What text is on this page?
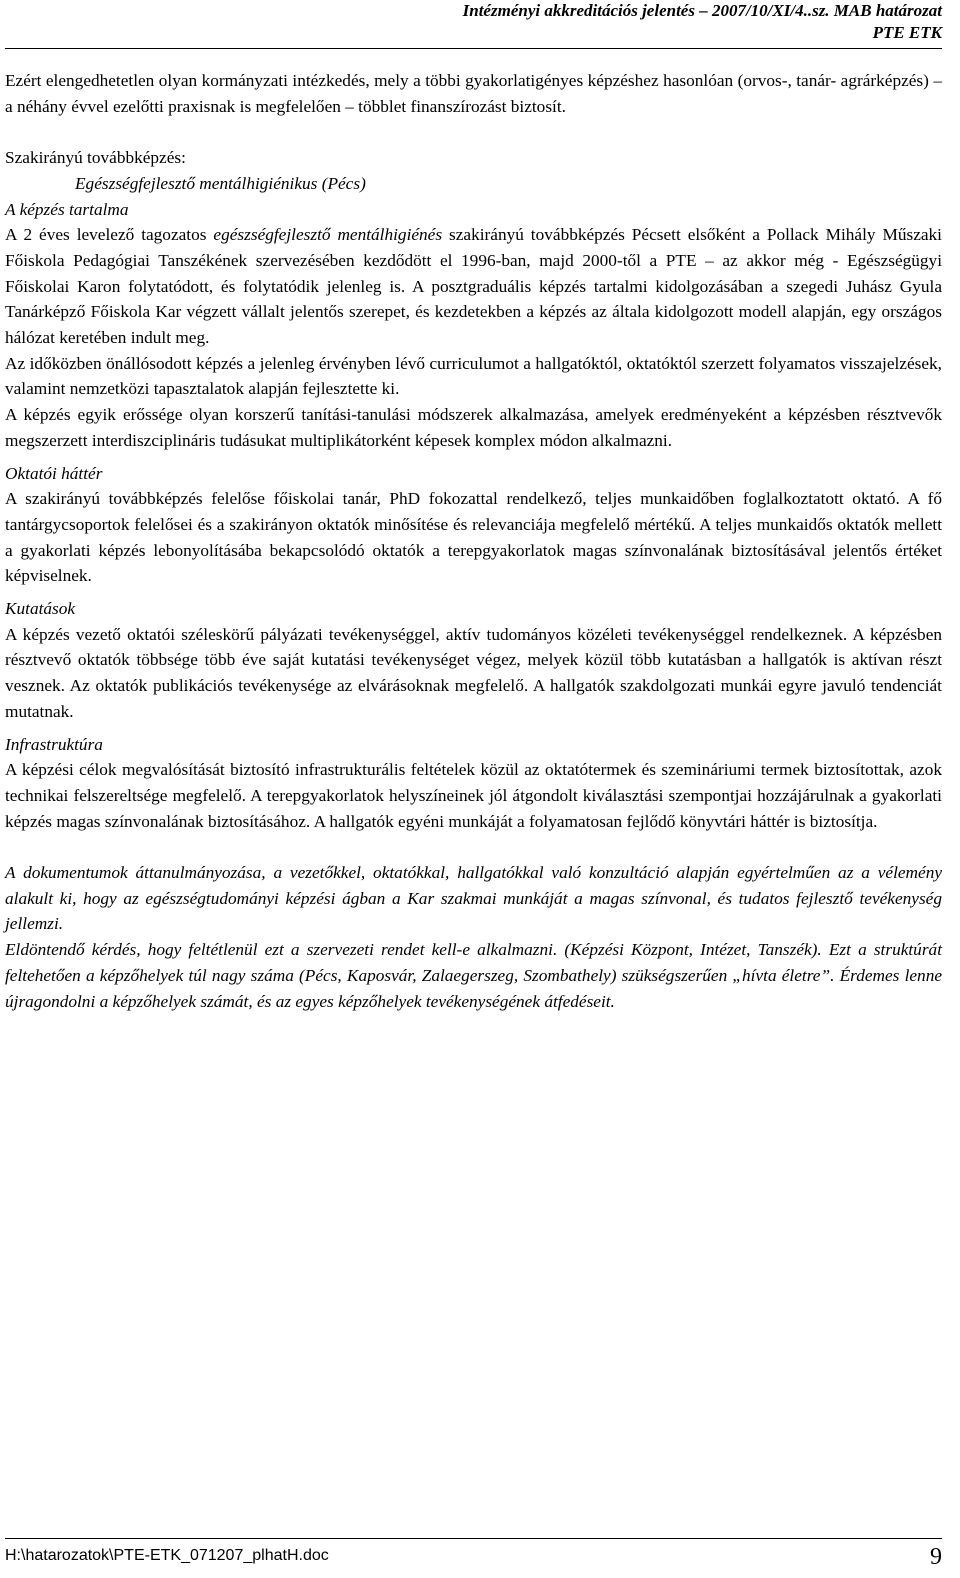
Intézményi akkreditációs jelentés – 2007/10/XI/4..sz. MAB határozat
PTE ETK

Ezért elengedhetetlen olyan kormányzati intézkedés, mely a többi gyakorlatigényes képzéshez hasonlóan (orvos-, tanár- agrárképzés) – a néhány évvel ezelőtti praxisnak is megfelelően – többlet finanszírozást biztosít.

Szakirányú továbbképzés:

Egészségfejlesztő mentálhigiénikus (Pécs)

A képzés tartalma

A 2 éves levelező tagozatos egészségfejlesztő mentálhigiénés szakirányú továbbképzés Pécsett elsőként a Pollack Mihály Műszaki Főiskola Pedagógiai Tanszékének szervezésében kezdődött el 1996-ban, majd 2000-től a PTE – az akkor még - Egészségügyi Főiskolai Karon folytatódott, és folytatódik jelenleg is. A posztgraduális képzés tartalmi kidolgozásában a szegedi Juhász Gyula Tanárképző Főiskola Kar végzett vállalt jelentős szerepet, és kezdetekben a képzés az általa kidolgozott modell alapján, egy országos hálózat keretében indult meg.

Az időközben önállósodott képzés a jelenleg érvényben lévő curriculumot a hallgatóktól, oktatóktól szerzett folyamatos visszajelzések, valamint nemzetközi tapasztalatok alapján fejlesztette ki.

A képzés egyik erőssége olyan korszerű tanítási-tanulási módszerek alkalmazása, amelyek eredményeként a képzésben résztvevők megszerzett interdiszciplináris tudásukat multiplikátorként képesek komplex módon alkalmazni.

Oktatói háttér

A szakirányú továbbképzés felelőse főiskolai tanár, PhD fokozattal rendelkező, teljes munkaidőben foglalkoztatott oktató. A fő tantárgycsoportok felelősei és a szakirányon oktatók minősítése és relevanciája megfelelő mértékű. A teljes munkaidős oktatók mellett a gyakorlati képzés lebonyolításába bekapcsolódó oktatók a terepgyakorlatok magas színvonalának biztosításával jelentős értéket képviselnek.

Kutatások

A képzés vezető oktatói széleskörű pályázati tevékenységgel, aktív tudományos közéleti tevékenységgel rendelkeznek. A képzésben résztvevő oktatók többsége több éve saját kutatási tevékenységet végez, melyek közül több kutatásban a hallgatók is aktívan részt vesznek. Az oktatók publikációs tevékenysége az elvárásoknak megfelelő. A hallgatók szakdolgozati munkái egyre javuló tendenciát mutatnak.

Infrastruktúra

A képzési célok megvalósítását biztosító infrastrukturális feltételek közül az oktatótermek és szemináriumi termek biztosítottak, azok technikai felszereltsége megfelelő. A terepgyakorlatok helyszíneinek jól átgondolt kiválasztási szempontjai hozzájárulnak a gyakorlati képzés magas színvonalának biztosításához. A hallgatók egyéni munkáját a folyamatosan fejlődő könyvtári háttér is biztosítja.

A dokumentumok áttanulmányozása, a vezetőkkel, oktatókkal, hallgatókkal való konzultáció alapján egyértelműen az a vélemény alakult ki, hogy az egészségtudományi képzési ágban a Kar szakmai munkáját a magas színvonal, és tudatos fejlesztő tevékenység jellemzi.

Eldöntendő kérdés, hogy feltétlenül ezt a szervezeti rendet kell-e alkalmazni. (Képzési Központ, Intézet, Tanszék). Ezt a struktúrát feltehetően a képzőhelyek túl nagy száma (Pécs, Kaposvár, Zalaegerszeg, Szombathely) szükségszerűen „hívta életre”. Érdemes lenne újragondolni a képzőhelyek számát, és az egyes képzőhelyek tevékenységének átfedéseit.

H:\hatarozatok\PTE-ETK_071207_plhatH.doc	9
